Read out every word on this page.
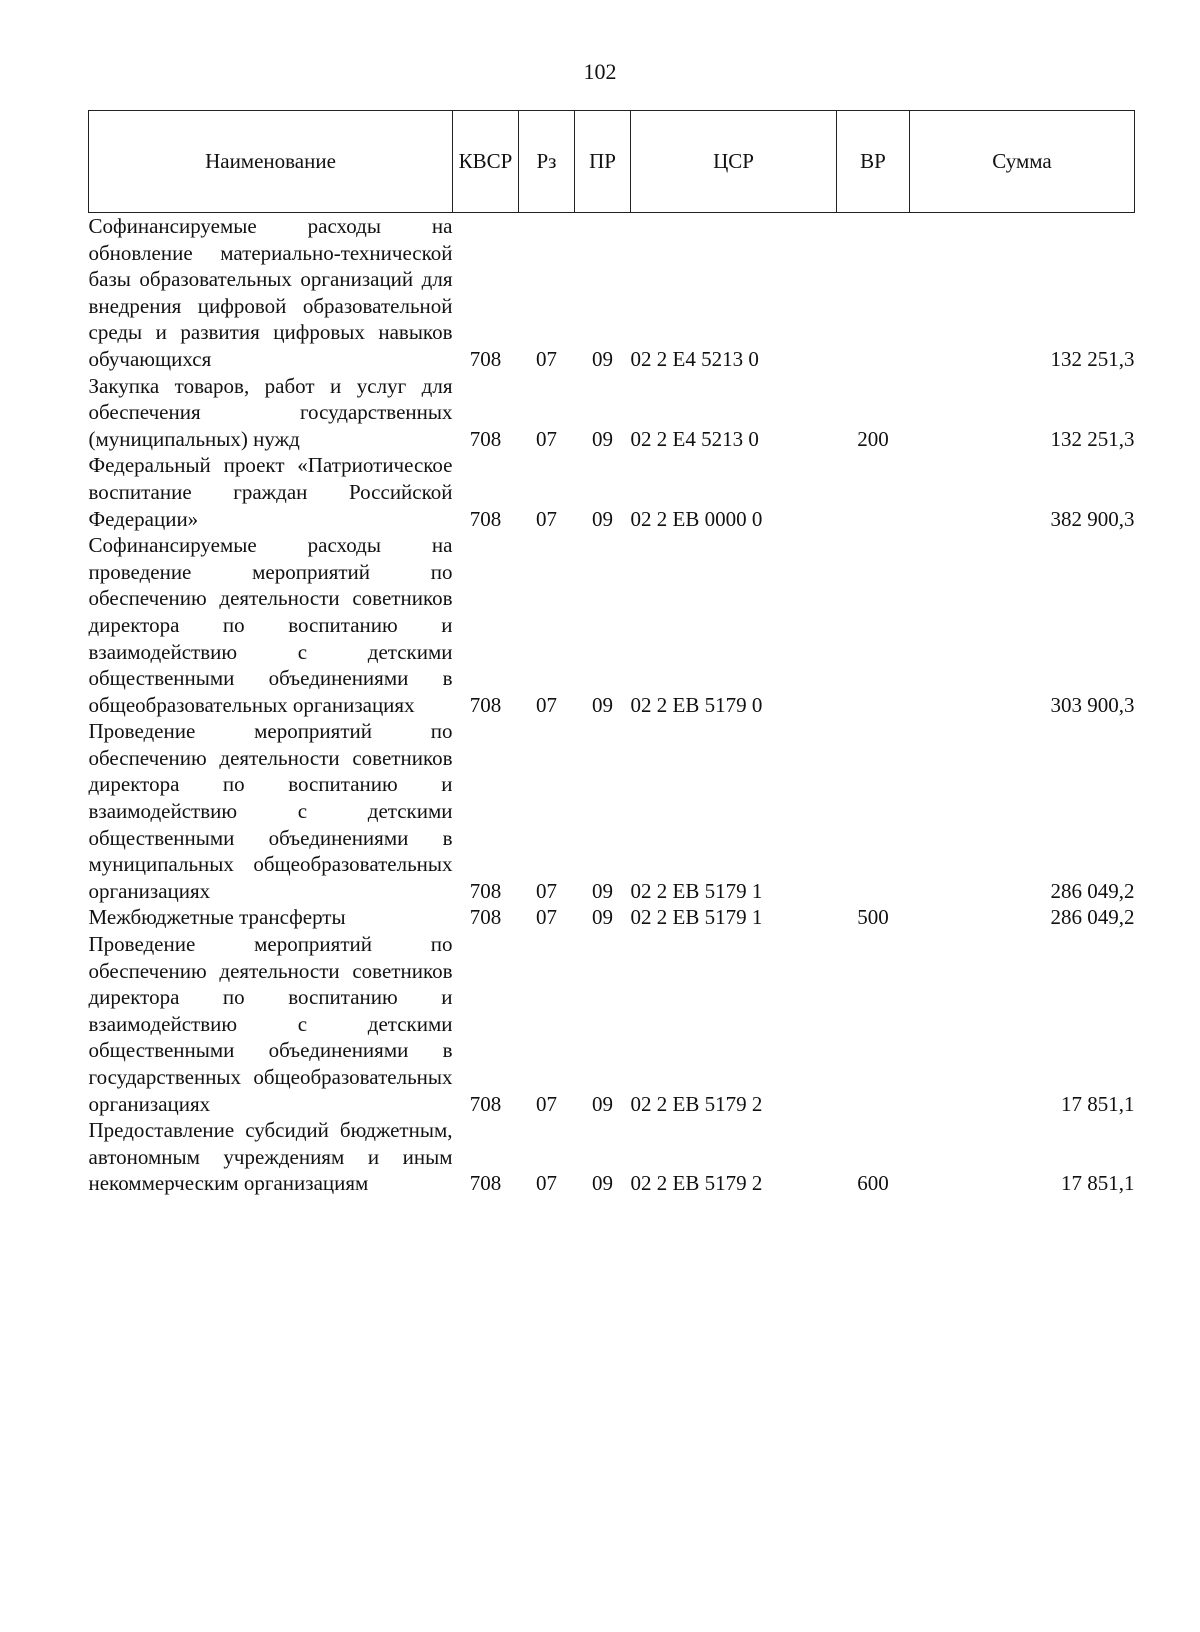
102
Наименование	КВСР	Рз	ПР	ЦСР	ВР	Сумма
Софинансируемые расходы на обновление материально-технической базы образовательных организаций для внедрения цифровой образовательной среды и развития цифровых навыков обучающихся	708	07	09	02 2 E4 5213 0		132 251,3
Закупка товаров, работ и услуг для обеспечения государственных (муниципальных) нужд	708	07	09	02 2 E4 5213 0	200	132 251,3
Федеральный проект «Патриотическое воспитание граждан Российской Федерации»	708	07	09	02 2 EB 0000 0		382 900,3
Софинансируемые расходы на проведение мероприятий по обеспечению деятельности советников директора по воспитанию и взаимодействию с детскими общественными объединениями в общеобразовательных организациях	708	07	09	02 2 EB 5179 0		303 900,3
Проведение мероприятий по обеспечению деятельности советников директора по воспитанию и взаимодействию с детскими общественными объединениями в муниципальных общеобразовательных организациях	708	07	09	02 2 EB 5179 1		286 049,2
Межбюджетные трансферты	708	07	09	02 2 EB 5179 1	500	286 049,2
Проведение мероприятий по обеспечению деятельности советников директора по воспитанию и взаимодействию с детскими общественными объединениями в государственных общеобразовательных организациях	708	07	09	02 2 EB 5179 2		17 851,1
Предоставление субсидий бюджетным, автономным учреждениям и иным некоммерческим организациям	708	07	09	02 2 EB 5179 2	600	17 851,1
